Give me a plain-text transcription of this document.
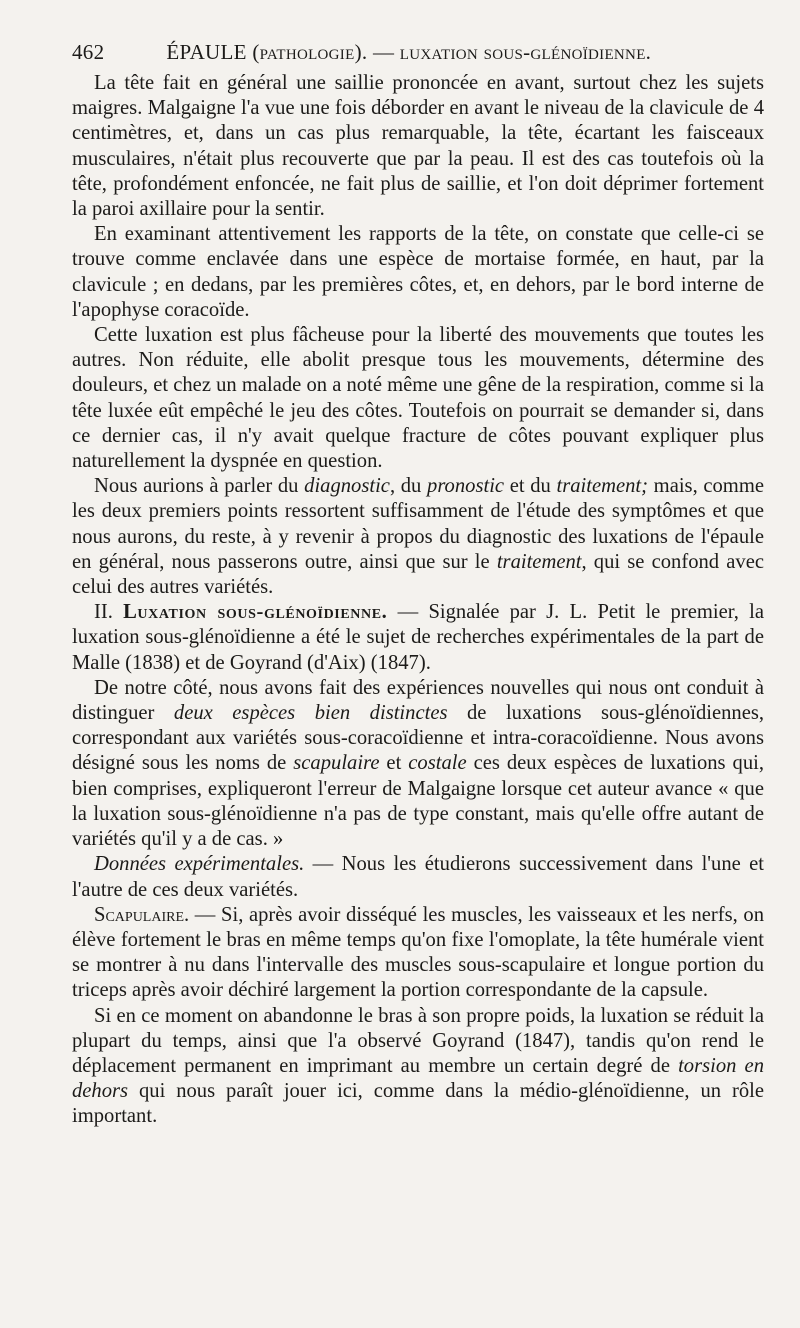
462	ÉPAULE (pathologie). — luxation sous-glénoïdienne.

La tête fait en général une saillie prononcée en avant, surtout chez les sujets maigres. Malgaigne l'a vue une fois déborder en avant le niveau de la clavicule de 4 centimètres, et, dans un cas plus remarquable, la tête, écartant les faisceaux musculaires, n'était plus recouverte que par la peau. Il est des cas toutefois où la tête, profondément enfoncée, ne fait plus de saillie, et l'on doit déprimer fortement la paroi axillaire pour la sentir.

En examinant attentivement les rapports de la tête, on constate que celle-ci se trouve comme enclavée dans une espèce de mortaise formée, en haut, par la clavicule ; en dedans, par les premières côtes, et, en dehors, par le bord interne de l'apophyse coracoïde.

Cette luxation est plus fâcheuse pour la liberté des mouvements que toutes les autres. Non réduite, elle abolit presque tous les mouvements, détermine des douleurs, et chez un malade on a noté même une gêne de la respiration, comme si la tête luxée eût empêché le jeu des côtes. Toutefois on pourrait se demander si, dans ce dernier cas, il n'y avait quelque fracture de côtes pouvant expliquer plus naturellement la dyspnée en question.

Nous aurions à parler du diagnostic, du pronostic et du traitement; mais, comme les deux premiers points ressortent suffisamment de l'étude des symptômes et que nous aurons, du reste, à y revenir à propos du diagnostic des luxations de l'épaule en général, nous passerons outre, ainsi que sur le traitement, qui se confond avec celui des autres variétés.

II. Luxation sous-glénoïdienne. — Signalée par J. L. Petit le premier, la luxation sous-glénoïdienne a été le sujet de recherches expérimentales de la part de Malle (1838) et de Goyrand (d'Aix) (1847).

De notre côté, nous avons fait des expériences nouvelles qui nous ont conduit à distinguer deux espèces bien distinctes de luxations sous-glénoïdiennes, correspondant aux variétés sous-coracoïdienne et intra-coracoïdienne. Nous avons désigné sous les noms de scapulaire et costale ces deux espèces de luxations qui, bien comprises, expliqueront l'erreur de Malgaigne lorsque cet auteur avance « que la luxation sous-glénoïdienne n'a pas de type constant, mais qu'elle offre autant de variétés qu'il y a de cas. »

Données expérimentales. — Nous les étudierons successivement dans l'une et l'autre de ces deux variétés.

Scapulaire. — Si, après avoir disséqué les muscles, les vaisseaux et les nerfs, on élève fortement le bras en même temps qu'on fixe l'omoplate, la tête humérale vient se montrer à nu dans l'intervalle des muscles sous-scapulaire et longue portion du triceps après avoir déchiré largement la portion correspondante de la capsule.

Si en ce moment on abandonne le bras à son propre poids, la luxation se réduit la plupart du temps, ainsi que l'a observé Goyrand (1847), tandis qu'on rend le déplacement permanent en imprimant au membre un certain degré de torsion en dehors qui nous paraît jouer ici, comme dans la médio-glénoïdienne, un rôle important.
